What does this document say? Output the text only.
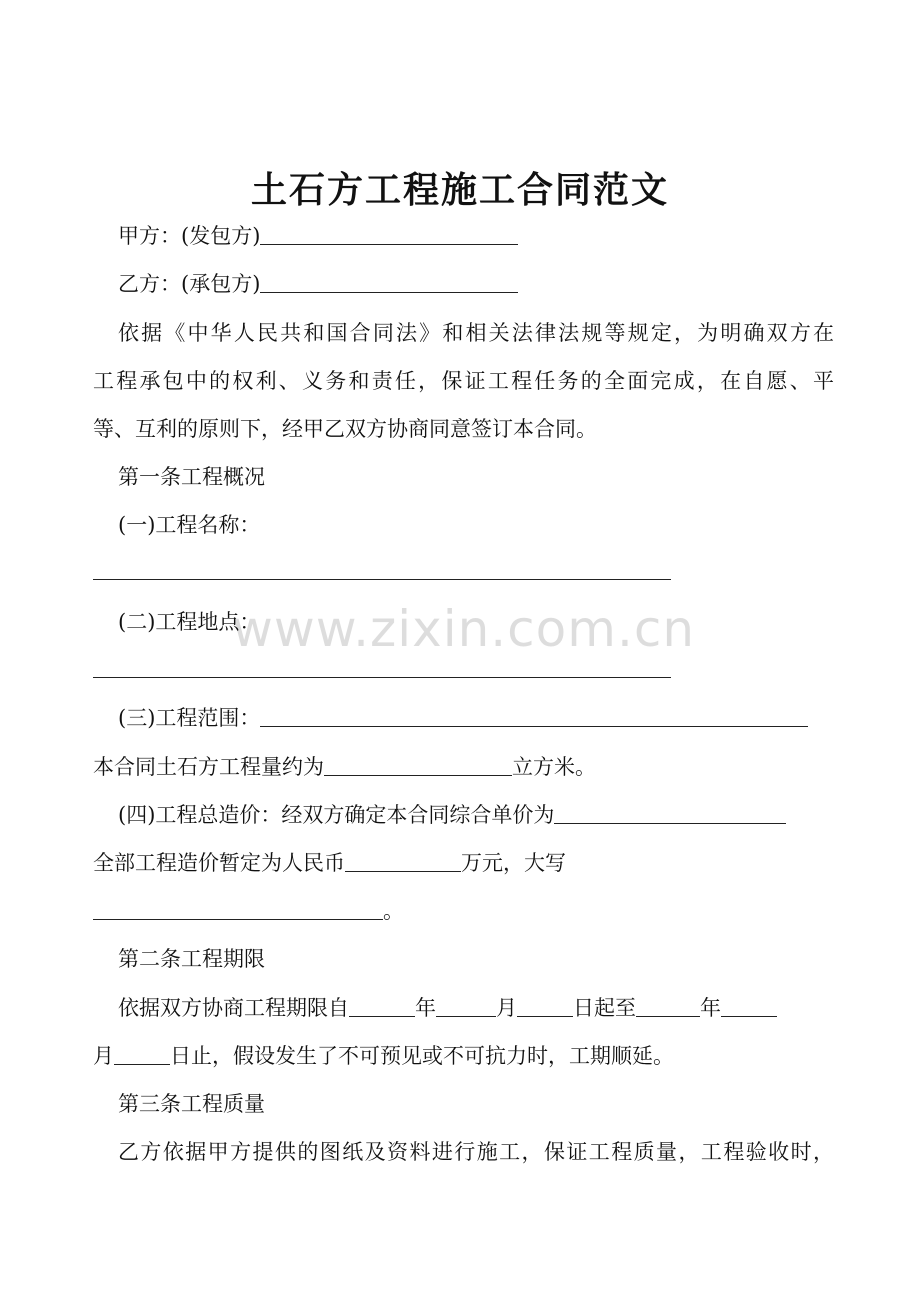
土石方工程施工合同范文
甲方：(发包方)
乙方：(承包方)
依据《中华人民共和国合同法》和相关法律法规等规定，为明确双方在
工程承包中的权利、义务和责任，保证工程任务的全面完成，在自愿、平
等、互利的原则下，经甲乙双方协商同意签订本合同。
第一条工程概况
(一)工程名称：
(二)工程地点：
(三)工程范围：
本合同土石方工程量约为	立方米。
(四)工程总造价：经双方确定本合同综合单价为
全部工程造价暂定为人民币	万元，大写
。
第二条工程期限
依据双方协商工程期限自	年	月	日起至	年
月	日止，假设发生了不可预见或不可抗力时，工期顺延。
第三条工程质量
乙方依据甲方提供的图纸及资料进行施工，保证工程质量，工程验收时，
www.zixin.com.cn
